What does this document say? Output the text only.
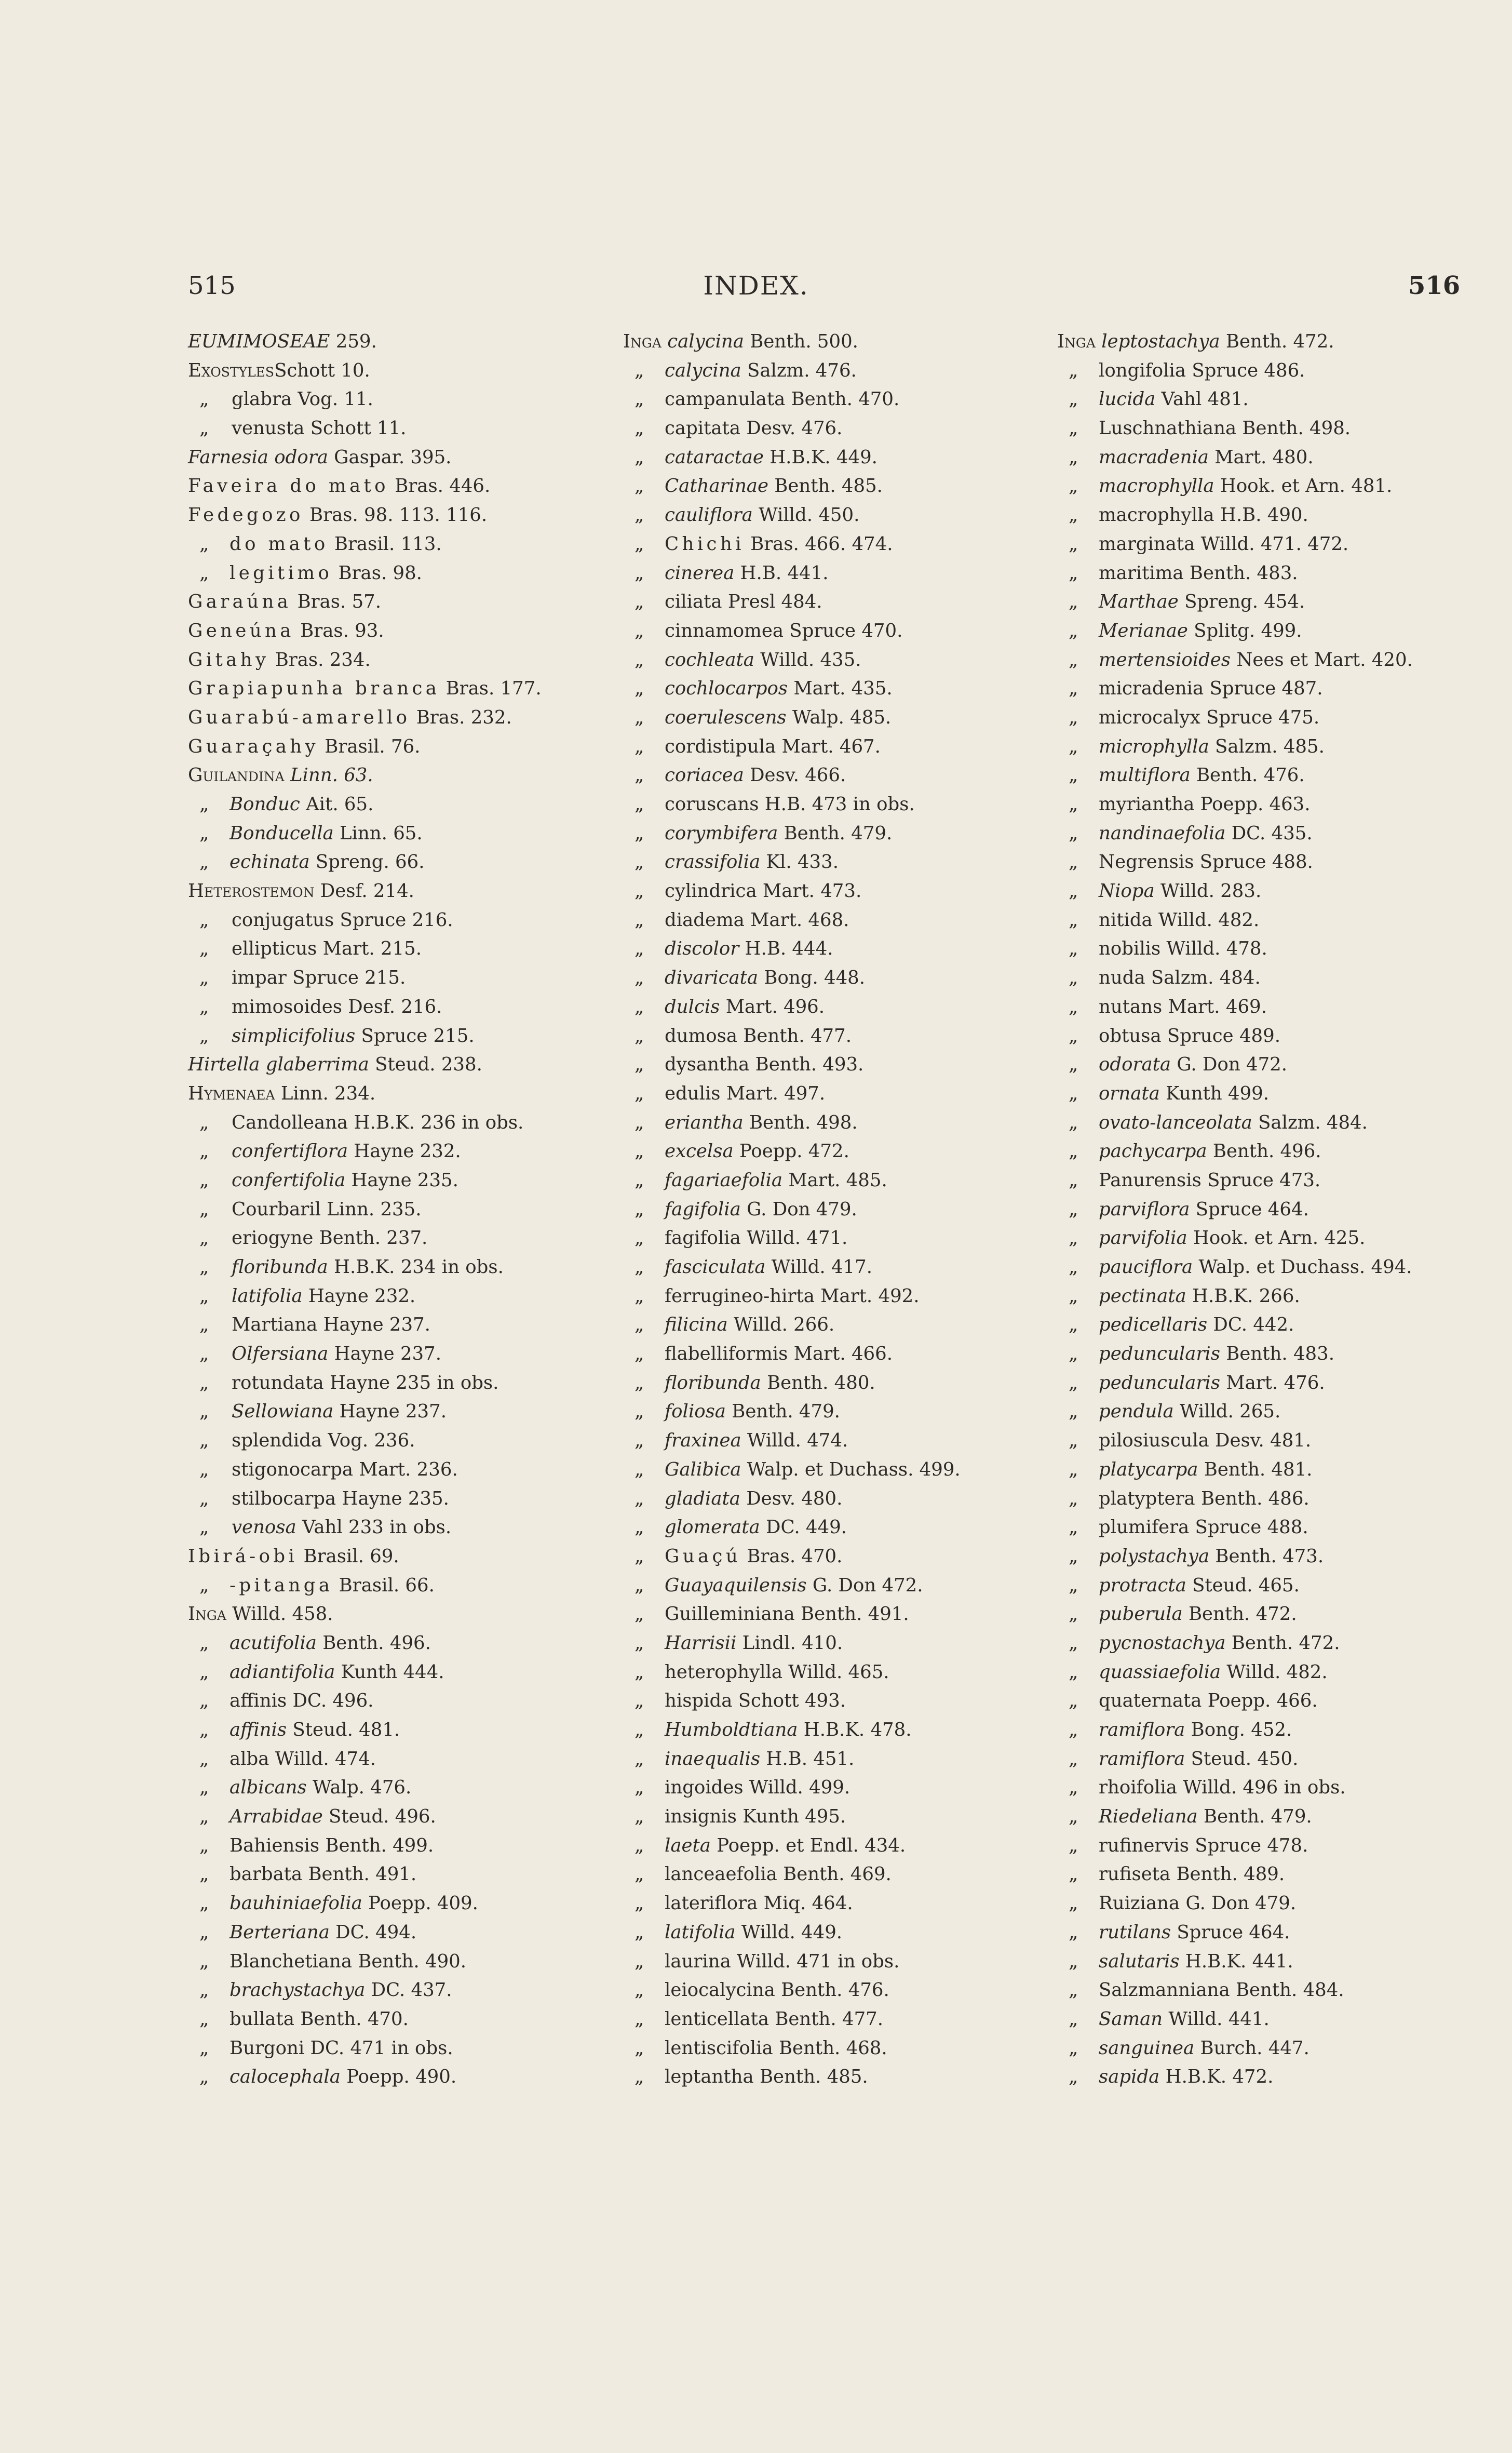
515	INDEX.	516
EUMIMOSEAE 259.
ExostylesSchott 10.
„ glabra Vog. 11.
„ venusta Schott 11.
Farnesia odora Gaspar. 395.
Faveira do mato Bras. 446.
Fedegozo Bras. 98. 113. 116.
„ do mato Brasil. 113.
„ legitimo Bras. 98.
Garaúna Bras. 57.
Geneúna Bras. 93.
Gitahy Bras. 234.
Grapiapunha branca Bras. 177.
Guarabú-amarello Bras. 232.
Guaraçahy Brasil. 76.
Guilandina Linn. 63.
„ Bonduc Ait. 65.
„ Bonducella Linn. 65.
„ echinata Spreng. 66.
Heterostemon Desf. 214.
„ conjugatus Spruce 216.
„ ellipticus Mart. 215.
„ impar Spruce 215.
„ mimosoides Desf. 216.
„ simplicifolius Spruce 215.
Hirtella glaberrima Steud. 238.
Hymenaea Linn. 234.
„ Candolleana H.B.K. 236 in obs.
„ confertiflora Hayne 232.
„ confertifolia Hayne 235.
„ Courbaril Linn. 235.
„ eriogyne Benth. 237.
„ floribunda H.B.K. 234 in obs.
„ latifolia Hayne 232.
„ Martiana Hayne 237.
„ Olfersiana Hayne 237.
„ rotundata Hayne 235 in obs.
„ Sellowiana Hayne 237.
„ splendida Vog. 236.
„ stigonocarpa Mart. 236.
„ stilbocarpa Hayne 235.
„ venosa Vahl 233 in obs.
Ibirá-obi Brasil. 69.
„ -pitanga Brasil. 66.
Inga Willd. 458.
„ acutifolia Benth. 496.
„ adiantifolia Kunth 444.
„ affinis DC. 496.
„ affinis Steud. 481.
„ alba Willd. 474.
„ albicans Walp. 476.
„ Arrabidae Steud. 496.
„ Bahiensis Benth. 499.
„ barbata Benth. 491.
„ bauhiniaefolia Poepp. 409.
„ Berteriana DC. 494.
„ Blanchetiana Benth. 490.
„ brachystachya DC. 437.
„ bullata Benth. 470.
„ Burgoni DC. 471 in obs.
„ calocephala Poepp. 490.
Inga calycina Benth. 500.
„ calycina Salzm. 476.
„ campanulata Benth. 470.
„ capitata Desv. 476.
„ cataractae H.B.K. 449.
„ Catharinae Benth. 485.
„ cauliflora Willd. 450.
„ Chichi Bras. 466. 474.
„ cinerea H.B. 441.
„ ciliata Presl 484.
„ cinnamomea Spruce 470.
„ cochleata Willd. 435.
„ cochlocarpos Mart. 435.
„ coerulescens Walp. 485.
„ cordistipula Mart. 467.
„ coriacea Desv. 466.
„ coruscans H.B. 473 in obs.
„ corymbifera Benth. 479.
„ crassifolia Kl. 433.
„ cylindrica Mart. 473.
„ diadema Mart. 468.
„ discolor H.B. 444.
„ divaricata Bong. 448.
„ dulcis Mart. 496.
„ dumosa Benth. 477.
„ dysantha Benth. 493.
„ edulis Mart. 497.
„ eriantha Benth. 498.
„ excelsa Poepp. 472.
„ fagariaefolia Mart. 485.
„ fagifolia G. Don 479.
„ fagifolia Willd. 471.
„ fasciculata Willd. 417.
„ ferrugineo-hirta Mart. 492.
„ filicina Willd. 266.
„ flabelliformis Mart. 466.
„ floribunda Benth. 480.
„ foliosa Benth. 479.
„ fraxinea Willd. 474.
„ Galibica Walp. et Duchass. 499.
„ gladiata Desv. 480.
„ glomerata DC. 449.
„ Guaçú Bras. 470.
„ Guayaquilensis G. Don 472.
„ Guilleminiana Benth. 491.
„ Harrisii Lindl. 410.
„ heterophylla Willd. 465.
„ hispida Schott 493.
„ Humboldtiana H.B.K. 478.
„ inaequalis H.B. 451.
„ ingoides Willd. 499.
„ insignis Kunth 495.
„ laeta Poepp. et Endl. 434.
„ lanceaefolia Benth. 469.
„ lateriflora Miq. 464.
„ latifolia Willd. 449.
„ laurina Willd. 471 in obs.
„ leiocalycina Benth. 476.
„ lenticellata Benth. 477.
„ lentiscifolia Benth. 468.
„ leptantha Benth. 485.
Inga leptostachya Benth. 472.
„ longifolia Spruce 486.
„ lucida Vahl 481.
„ Luschnathiana Benth. 498.
„ macradenia Mart. 480.
„ macrophylla Hook. et Arn. 481.
„ macrophylla H.B. 490.
„ marginata Willd. 471. 472.
„ maritima Benth. 483.
„ Marthae Spreng. 454.
„ Merianae Splitg. 499.
„ mertensioides Nees et Mart. 420.
„ micradenia Spruce 487.
„ microcalyx Spruce 475.
„ microphylla Salzm. 485.
„ multiflora Benth. 476.
„ myriantha Poepp. 463.
„ nandinaefolia DC. 435.
„ Negrensis Spruce 488.
„ Niopa Willd. 283.
„ nitida Willd. 482.
„ nobilis Willd. 478.
„ nuda Salzm. 484.
„ nutans Mart. 469.
„ obtusa Spruce 489.
„ odorata G. Don 472.
„ ornata Kunth 499.
„ ovato-lanceolata Salzm. 484.
„ pachycarpa Benth. 496.
„ Panurensis Spruce 473.
„ parviflora Spruce 464.
„ parvifolia Hook. et Arn. 425.
„ pauciflora Walp. et Duchass. 494.
„ pectinata H.B.K. 266.
„ pedicellaris DC. 442.
„ peduncularis Benth. 483.
„ peduncularis Mart. 476.
„ pendula Willd. 265.
„ pilosiuscula Desv. 481.
„ platycarpa Benth. 481.
„ platyptera Benth. 486.
„ plumifera Spruce 488.
„ polystachya Benth. 473.
„ protracta Steud. 465.
„ puberula Benth. 472.
„ pycnostachya Benth. 472.
„ quassiaefolia Willd. 482.
„ quaternata Poepp. 466.
„ ramiflora Bong. 452.
„ ramiflora Steud. 450.
„ rhoifolia Willd. 496 in obs.
„ Riedeliana Benth. 479.
„ rufinervis Spruce 478.
„ rufiseta Benth. 489.
„ Ruiziana G. Don 479.
„ rutilans Spruce 464.
„ salutaris H.B.K. 441.
„ Salzmanniana Benth. 484.
„ Saman Willd. 441.
„ sanguinea Burch. 447.
„ sapida H.B.K. 472.
